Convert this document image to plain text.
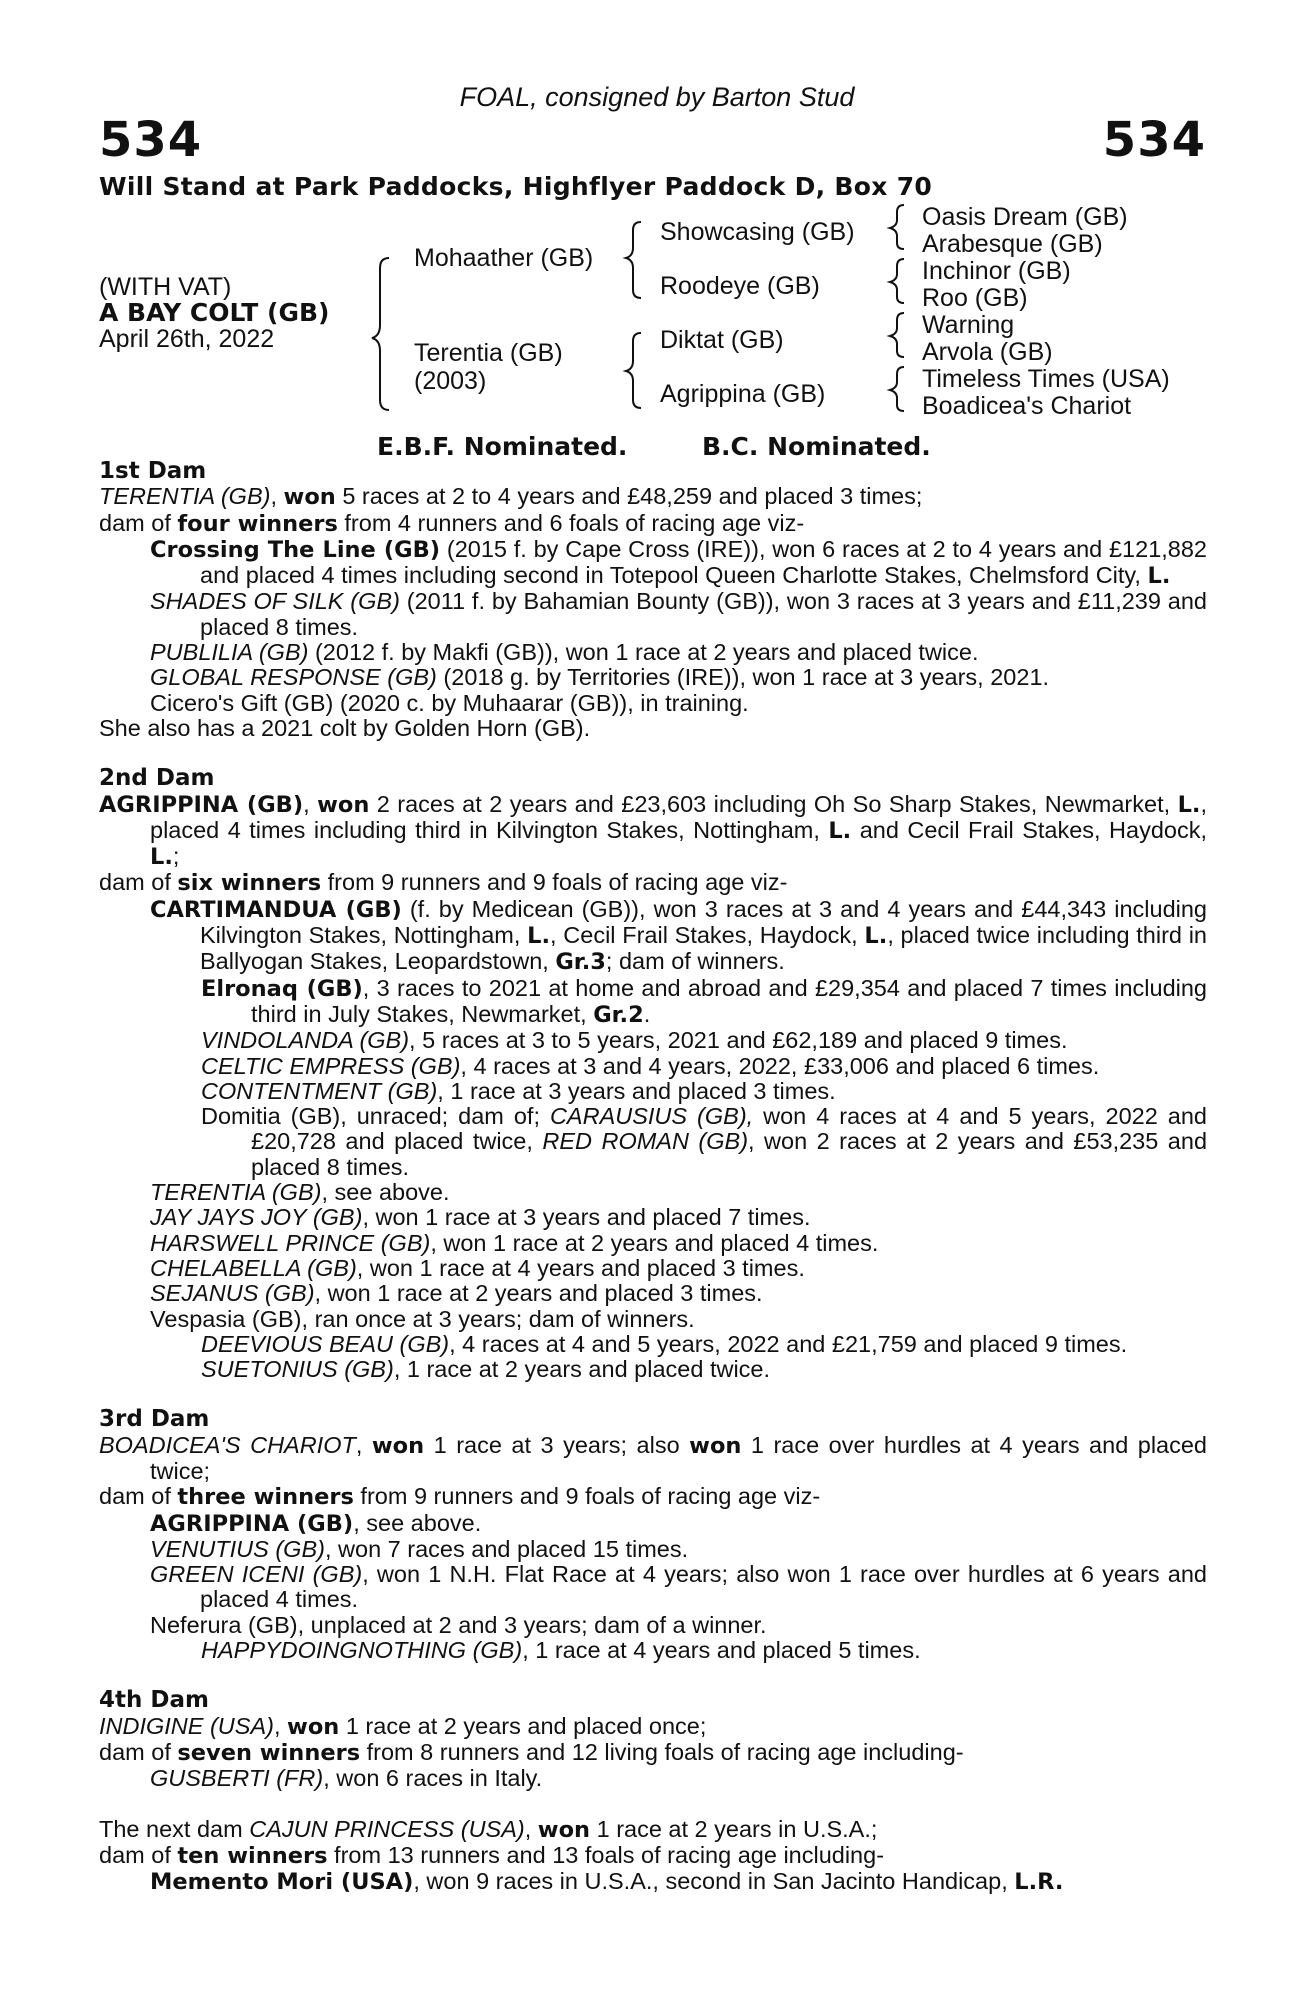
FOAL, consigned by Barton Stud
534	534
Will Stand at Park Paddocks, Highflyer Paddock D, Box 70
(WITH VAT)
A BAY COLT (GB)
April 26th, 2022
Mohaather (GB)
Terentia (GB)
(2003)
Showcasing (GB)
Roodeye (GB)
Diktat (GB)
Agrippina (GB)
Oasis Dream (GB)
Arabesque (GB)
Inchinor (GB)
Roo (GB)
Warning
Arvola (GB)
Timeless Times (USA)
Boadicea's Chariot
E.B.F. Nominated.	B.C. Nominated.
1st Dam

TERENTIA (GB), won 5 races at 2 to 4 years and £48,259 and placed 3 times;

dam of four winners from 4 runners and 6 foals of racing age viz-

Crossing The Line (GB) (2015 f. by Cape Cross (IRE)), won 6 races at 2 to 4 years and £121,882 and placed 4 times including second in Totepool Queen Charlotte Stakes, Chelmsford City, L.

SHADES OF SILK (GB) (2011 f. by Bahamian Bounty (GB)), won 3 races at 3 years and £11,239 and placed 8 times.

PUBLILIA (GB) (2012 f. by Makfi (GB)), won 1 race at 2 years and placed twice.

GLOBAL RESPONSE (GB) (2018 g. by Territories (IRE)), won 1 race at 3 years, 2021.

Cicero's Gift (GB) (2020 c. by Muhaarar (GB)), in training.

She also has a 2021 colt by Golden Horn (GB).

2nd Dam

AGRIPPINA (GB), won 2 races at 2 years and £23,603 including Oh So Sharp Stakes, Newmarket, L., placed 4 times including third in Kilvington Stakes, Nottingham, L. and Cecil Frail Stakes, Haydock, L.;

dam of six winners from 9 runners and 9 foals of racing age viz-

CARTIMANDUA (GB) (f. by Medicean (GB)), won 3 races at 3 and 4 years and £44,343 including Kilvington Stakes, Nottingham, L., Cecil Frail Stakes, Haydock, L., placed twice including third in Ballyogan Stakes, Leopardstown, Gr.3; dam of winners.

Elronaq (GB), 3 races to 2021 at home and abroad and £29,354 and placed 7 times including third in July Stakes, Newmarket, Gr.2.

VINDOLANDA (GB), 5 races at 3 to 5 years, 2021 and £62,189 and placed 9 times.

CELTIC EMPRESS (GB), 4 races at 3 and 4 years, 2022, £33,006 and placed 6 times.

CONTENTMENT (GB), 1 race at 3 years and placed 3 times.

Domitia (GB), unraced; dam of; CARAUSIUS (GB), won 4 races at 4 and 5 years, 2022 and £20,728 and placed twice, RED ROMAN (GB), won 2 races at 2 years and £53,235 and placed 8 times.

TERENTIA (GB), see above.

JAY JAYS JOY (GB), won 1 race at 3 years and placed 7 times.

HARSWELL PRINCE (GB), won 1 race at 2 years and placed 4 times.

CHELABELLA (GB), won 1 race at 4 years and placed 3 times.

SEJANUS (GB), won 1 race at 2 years and placed 3 times.

Vespasia (GB), ran once at 3 years; dam of winners.

DEEVIOUS BEAU (GB), 4 races at 4 and 5 years, 2022 and £21,759 and placed 9 times.

SUETONIUS (GB), 1 race at 2 years and placed twice.

3rd Dam

BOADICEA'S CHARIOT, won 1 race at 3 years; also won 1 race over hurdles at 4 years and placed twice;

dam of three winners from 9 runners and 9 foals of racing age viz-

AGRIPPINA (GB), see above.

VENUTIUS (GB), won 7 races and placed 15 times.

GREEN ICENI (GB), won 1 N.H. Flat Race at 4 years; also won 1 race over hurdles at 6 years and placed 4 times.

Neferura (GB), unplaced at 2 and 3 years; dam of a winner.

HAPPYDOINGNOTHING (GB), 1 race at 4 years and placed 5 times.

4th Dam

INDIGINE (USA), won 1 race at 2 years and placed once;

dam of seven winners from 8 runners and 12 living foals of racing age including-

GUSBERTI (FR), won 6 races in Italy.

The next dam CAJUN PRINCESS (USA), won 1 race at 2 years in U.S.A.;

dam of ten winners from 13 runners and 13 foals of racing age including-

Memento Mori (USA), won 9 races in U.S.A., second in San Jacinto Handicap, L.R.
